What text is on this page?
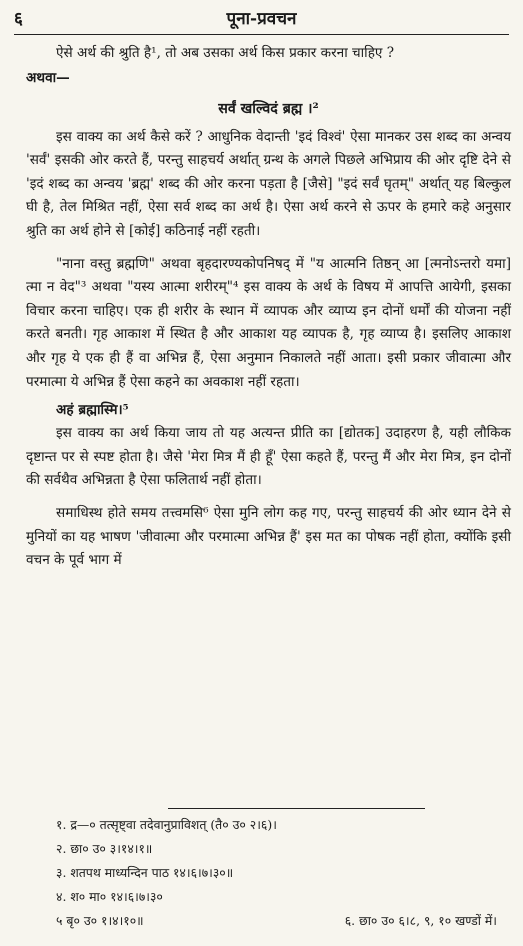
६	पूना-प्रवचन

ऐसे अर्थ की श्रुति है¹, तो अब उसका अर्थ किस प्रकार करना चाहिए ?

अथवा—
सर्वं खल्विदं ब्रह्म ।²

इस वाक्य का अर्थ कैसे करें ? आधुनिक वेदान्ती 'इदं विश्वं' ऐसा मानकर उस शब्द का अन्वय 'सर्वं' इसकी ओर करते हैं, परन्तु साहचर्य अर्थात् ग्रन्थ के अगले पिछले अभिप्राय की ओर दृष्टि देने से 'इदं शब्द का अन्वय 'ब्रह्म' शब्द की ओर करना पड़ता है [जैसे] "इदं सर्वं घृतम्" अर्थात् यह बिल्कुल घी है, तेल मिश्रित नहीं, ऐसा सर्व शब्द का अर्थ है। ऐसा अर्थ करने से ऊपर के हमारे कहे अनुसार श्रुति का अर्थ होने से [कोई] कठिनाई नहीं रहती।

"नाना वस्तु ब्रह्मणि" अथवा बृहदारण्यकोपनिषद् में "य आत्मनि तिष्ठन् आ [त्मनोऽन्तरो यमा] त्मा न वेद"³ अथवा "यस्य आत्मा शरीरम्"⁴ इस वाक्य के अर्थ के विषय में आपत्ति आयेगी, इसका विचार करना चाहिए। एक ही शरीर के स्थान में व्यापक और व्याप्य इन दोनों धर्मों की योजना नहीं करते बनती। गृह आकाश में स्थित है और आकाश यह व्यापक है, गृह व्याप्य है। इसलिए आकाश और गृह ये एक ही हैं वा अभिन्न हैं, ऐसा अनुमान निकालते नहीं आता। इसी प्रकार जीवात्मा और परमात्मा ये अभिन्न हैं ऐसा कहने का अवकाश नहीं रहता।

अहं ब्रह्मास्मि।⁵

इस वाक्य का अर्थ किया जाय तो यह अत्यन्त प्रीति का [द्योतक] उदाहरण है, यही लौकिक दृष्टान्त पर से स्पष्ट होता है। जैसे 'मेरा मित्र मैं ही हूँ' ऐसा कहते हैं, परन्तु मैं और मेरा मित्र, इन दोनों की सर्वथैव अभिन्नता है ऐसा फलितार्थ नहीं होता।

समाधिस्थ होते समय तत्त्वमसि⁶ ऐसा मुनि लोग कह गए, परन्तु साहचर्य की ओर ध्यान देने से मुनियों का यह भाषण 'जीवात्मा और परमात्मा अभिन्न हैं' इस मत का पोषक नहीं होता, क्योंकि इसी वचन के पूर्व भाग में

१. द्र—० तत्सृष्ट्वा तदेवानुप्राविशत् (तै० उ० २।६)।

२. छा० उ० ३।१४।१॥

३. शतपथ माध्यन्दिन पाठ १४।६।७।३०॥

४. श० मा० १४।६।७।३०

५ बृ० उ० १।४।१०॥	६. छा० उ० ६।८, ९, १० खण्डों में।
